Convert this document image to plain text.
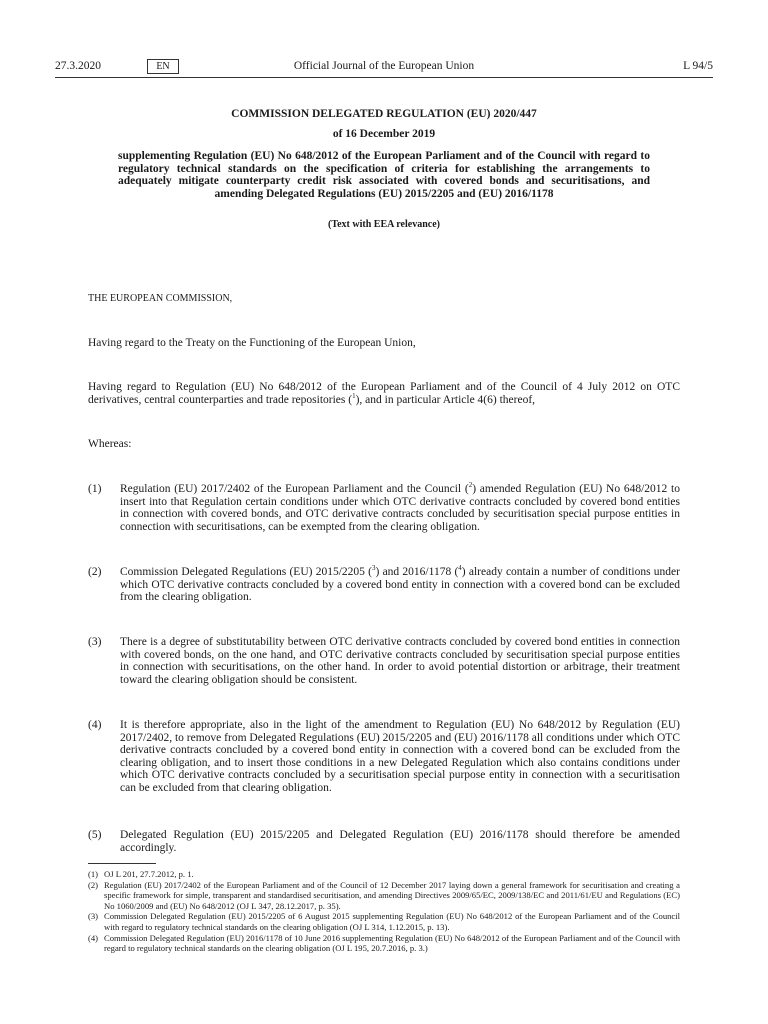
27.3.2020	EN	Official Journal of the European Union	L 94/5
COMMISSION DELEGATED REGULATION (EU) 2020/447
of 16 December 2019
supplementing Regulation (EU) No 648/2012 of the European Parliament and of the Council with regard to regulatory technical standards on the specification of criteria for establishing the arrangements to adequately mitigate counterparty credit risk associated with covered bonds and securitisations, and amending Delegated Regulations (EU) 2015/2205 and (EU) 2016/1178
(Text with EEA relevance)
THE EUROPEAN COMMISSION,
Having regard to the Treaty on the Functioning of the European Union,
Having regard to Regulation (EU) No 648/2012 of the European Parliament and of the Council of 4 July 2012 on OTC derivatives, central counterparties and trade repositories ($^1$), and in particular Article 4(6) thereof,
Whereas:
(1) Regulation (EU) 2017/2402 of the European Parliament and the Council ($^2$) amended Regulation (EU) No 648/2012 to insert into that Regulation certain conditions under which OTC derivative contracts concluded by covered bond entities in connection with covered bonds, and OTC derivative contracts concluded by securitisation special purpose entities in connection with securitisations, can be exempted from the clearing obligation.
(2) Commission Delegated Regulations (EU) 2015/2205 ($^3$) and 2016/1178 ($^4$) already contain a number of conditions under which OTC derivative contracts concluded by a covered bond entity in connection with a covered bond can be excluded from the clearing obligation.
(3) There is a degree of substitutability between OTC derivative contracts concluded by covered bond entities in connection with covered bonds, on the one hand, and OTC derivative contracts concluded by securitisation special purpose entities in connection with securitisations, on the other hand. In order to avoid potential distortion or arbitrage, their treatment toward the clearing obligation should be consistent.
(4) It is therefore appropriate, also in the light of the amendment to Regulation (EU) No 648/2012 by Regulation (EU) 2017/2402, to remove from Delegated Regulations (EU) 2015/2205 and (EU) 2016/1178 all conditions under which OTC derivative contracts concluded by a covered bond entity in connection with a covered bond can be excluded from the clearing obligation, and to insert those conditions in a new Delegated Regulation which also contains conditions under which OTC derivative contracts concluded by a securitisation special purpose entity in connection with a securitisation can be excluded from that clearing obligation.
(5) Delegated Regulation (EU) 2015/2205 and Delegated Regulation (EU) 2016/1178 should therefore be amended accordingly.
(1) OJ L 201, 27.7.2012, p. 1.
(2) Regulation (EU) 2017/2402 of the European Parliament and of the Council of 12 December 2017 laying down a general framework for securitisation and creating a specific framework for simple, transparent and standardised securitisation, and amending Directives 2009/65/EC, 2009/138/EC and 2011/61/EU and Regulations (EC) No 1060/2009 and (EU) No 648/2012 (OJ L 347, 28.12.2017, p. 35).
(3) Commission Delegated Regulation (EU) 2015/2205 of 6 August 2015 supplementing Regulation (EU) No 648/2012 of the European Parliament and of the Council with regard to regulatory technical standards on the clearing obligation (OJ L 314, 1.12.2015, p. 13).
(4) Commission Delegated Regulation (EU) 2016/1178 of 10 June 2016 supplementing Regulation (EU) No 648/2012 of the European Parliament and of the Council with regard to regulatory technical standards on the clearing obligation (OJ L 195, 20.7.2016, p. 3.)
